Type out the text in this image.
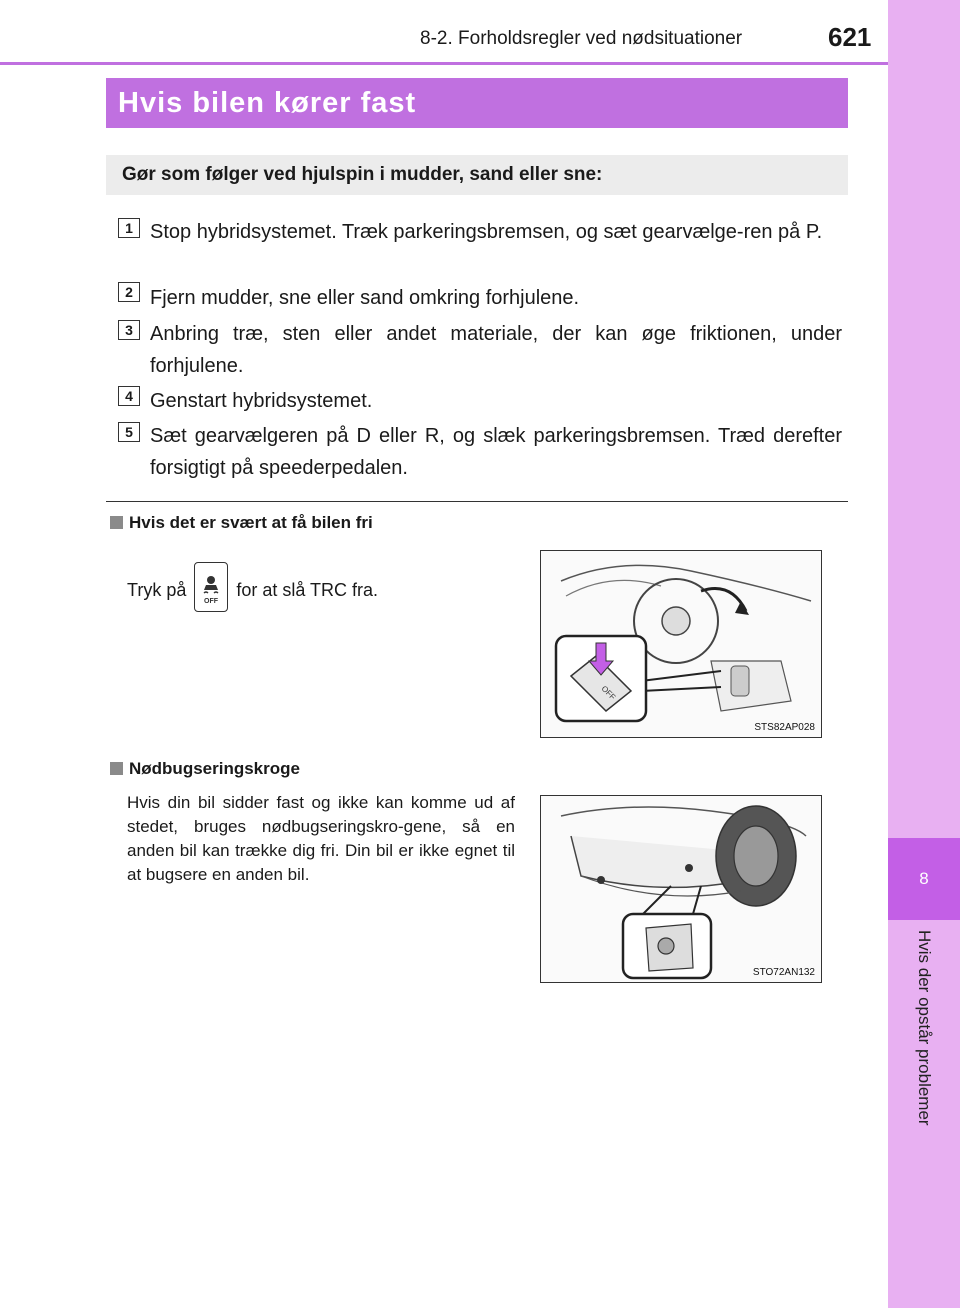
8-2. Forholdsregler ved nødsituationer	621
8
Hvis der opstår problemer
Hvis bilen kører fast
Gør som følger ved hjulspin i mudder, sand eller sne:
1 Stop hybridsystemet. Træk parkeringsbremsen, og sæt gearvælge-ren på P.
2 Fjern mudder, sne eller sand omkring forhjulene.
3 Anbring træ, sten eller andet materiale, der kan øge friktionen, under forhjulene.
4 Genstart hybridsystemet.
5 Sæt gearvælgeren på D eller R, og slæk parkeringsbremsen. Træd derefter forsigtigt på speederpedalen.
Hvis det er svært at få bilen fri
Tryk på
OFF
for at slå TRC fra.
OFF
STS82AP028
Nødbugseringskroge
Hvis din bil sidder fast og ikke kan komme ud af stedet, bruges nødbugseringskro-gene, så en anden bil kan trække dig fri. Din bil er ikke egnet til at bugsere en anden bil.
STO72AN132
